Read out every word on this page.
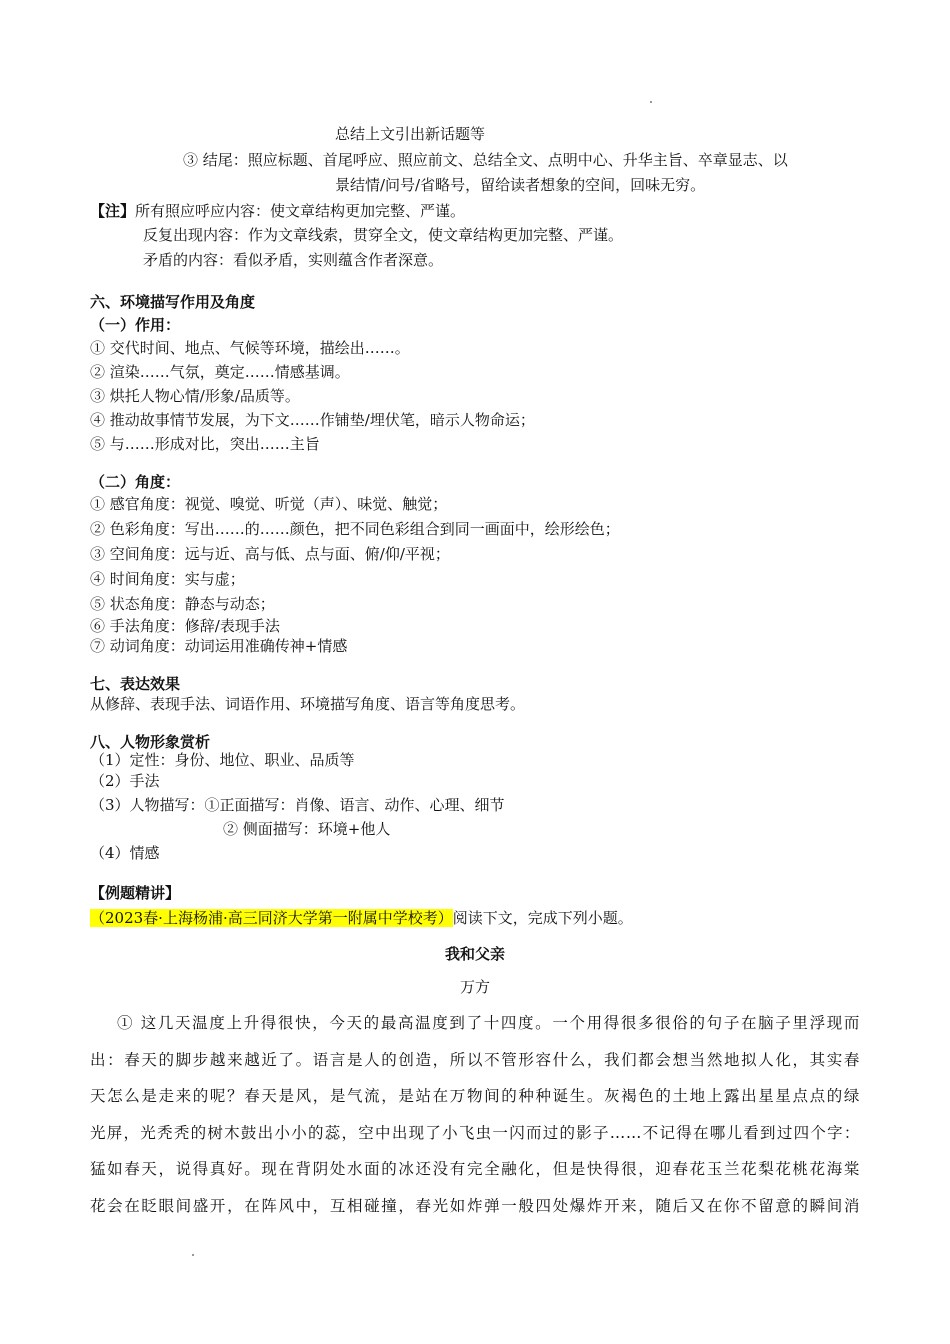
总结上文引出新话题等
③ 结尾：照应标题、首尾呼应、照应前文、总结全文、点明中心、升华主旨、卒章显志、以
景结情/问号/省略号，留给读者想象的空间，回味无穷。
【注】所有照应呼应内容：使文章结构更加完整、严谨。
反复出现内容：作为文章线索，贯穿全文，使文章结构更加完整、严谨。
矛盾的内容：看似矛盾，实则蕴含作者深意。
六、环境描写作用及角度
（一）作用：
① 交代时间、地点、气候等环境，描绘出……。
② 渲染……气氛，奠定……情感基调。
③ 烘托人物心情/形象/品质等。
④ 推动故事情节发展，为下文……作铺垫/埋伏笔，暗示人物命运；
⑤ 与……形成对比，突出……主旨
（二）角度：
① 感官角度：视觉、嗅觉、听觉（声）、味觉、触觉；
② 色彩角度：写出……的……颜色，把不同色彩组合到同一画面中，绘形绘色；
③ 空间角度：远与近、高与低、点与面、俯/仰/平视；
④ 时间角度：实与虚；
⑤ 状态角度：静态与动态；
⑥ 手法角度：修辞/表现手法
⑦ 动词角度：动词运用准确传神+情感
七、表达效果
从修辞、表现手法、词语作用、环境描写角度、语言等角度思考。
八、人物形象赏析
（1）定性：身份、地位、职业、品质等
（2）手法
（3）人物描写：①正面描写：肖像、语言、动作、心理、细节
② 侧面描写：环境+他人
（4）情感
【例题精讲】
（2023春·上海杨浦·高三同济大学第一附属中学校考）阅读下文，完成下列小题。
我和父亲
万方
① 这几天温度上升得很快，今天的最高温度到了十四度。一个用得很多很俗的句子在脑子里浮现而
出：春天的脚步越来越近了。语言是人的创造，所以不管形容什么，我们都会想当然地拟人化，其实春
天怎么是走来的呢？春天是风，是气流，是站在万物间的种种诞生。灰褐色的土地上露出星星点点的绿
光屏，光秃秃的树木鼓出小小的蕊，空中出现了小飞虫一闪而过的影子……不记得在哪儿看到过四个字：
猛如春天，说得真好。现在背阴处水面的冰还没有完全融化，但是快得很，迎春花玉兰花梨花桃花海棠
花会在眨眼间盛开，在阵风中，互相碰撞，春光如炸弹一般四处爆炸开来，随后又在你不留意的瞬间消
